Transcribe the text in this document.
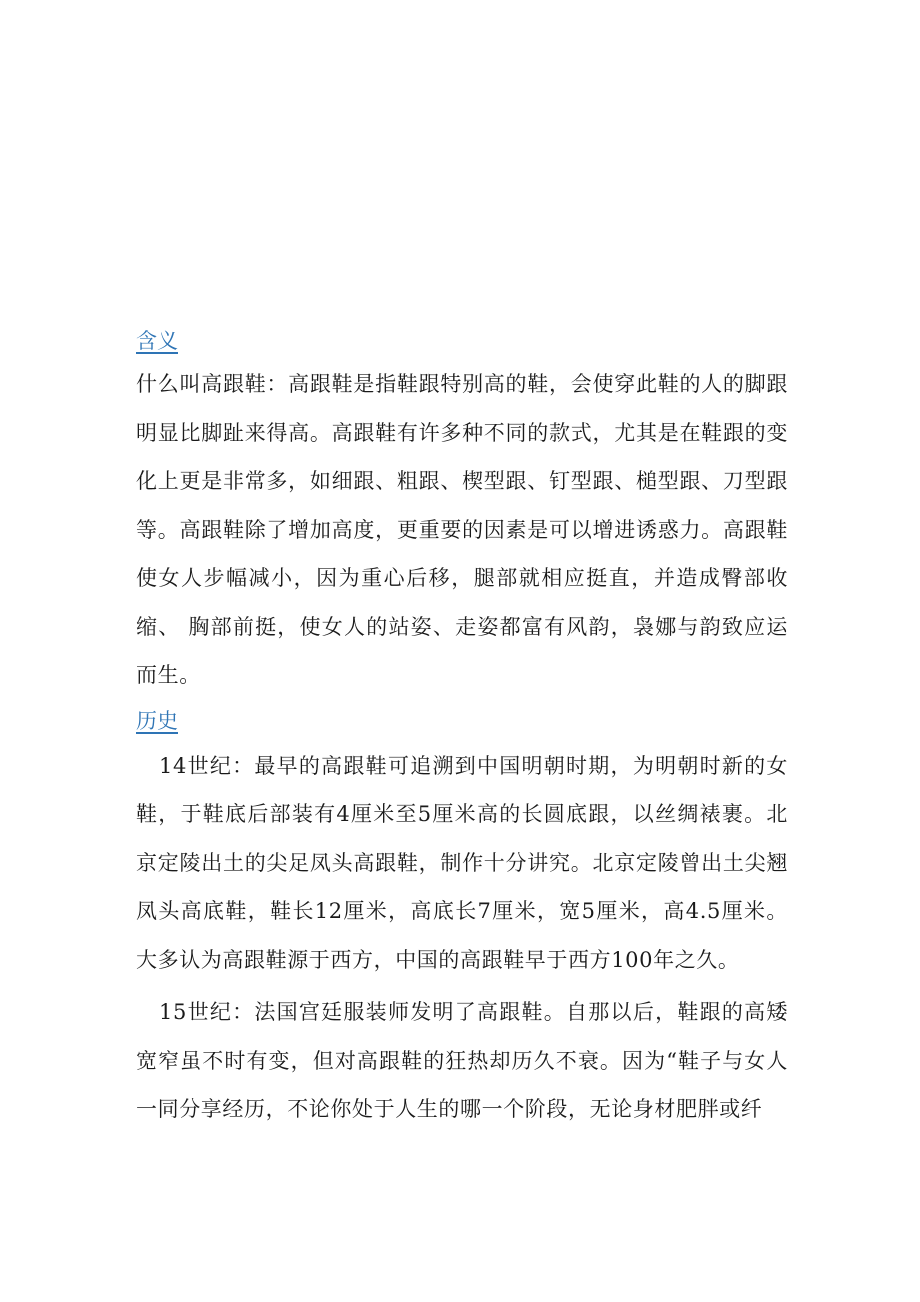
含义

什么叫高跟鞋：高跟鞋是指鞋跟特别高的鞋，会使穿此鞋的人的脚跟明显比脚趾来得高。高跟鞋有许多种不同的款式，尤其是在鞋跟的变化上更是非常多，如细跟、粗跟、楔型跟、钉型跟、槌型跟、刀型跟等。高跟鞋除了增加高度，更重要的因素是可以增进诱惑力。高跟鞋使女人步幅减小，因为重心后移，腿部就相应挺直，并造成臀部收缩、 胸部前挺，使女人的站姿、走姿都富有风韵，袅娜与韵致应运而生。

历史

14世纪：最早的高跟鞋可追溯到中国明朝时期，为明朝时新的女鞋，于鞋底后部装有4厘米至5厘米高的长圆底跟，以丝绸裱裹。北京定陵出土的尖足凤头高跟鞋，制作十分讲究。北京定陵曾出土尖翘凤头高底鞋，鞋长12厘米，高底长7厘米，宽5厘米，高4.5厘米。 大多认为高跟鞋源于西方，中国的高跟鞋早于西方100年之久。

15世纪：法国宫廷服装师发明了高跟鞋。自那以后，鞋跟的高矮宽窄虽不时有变，但对高跟鞋的狂热却历久不衰。因为“鞋子与女人一同分享经历，不论你处于人生的哪一个阶段，无论身材肥胖或纤
